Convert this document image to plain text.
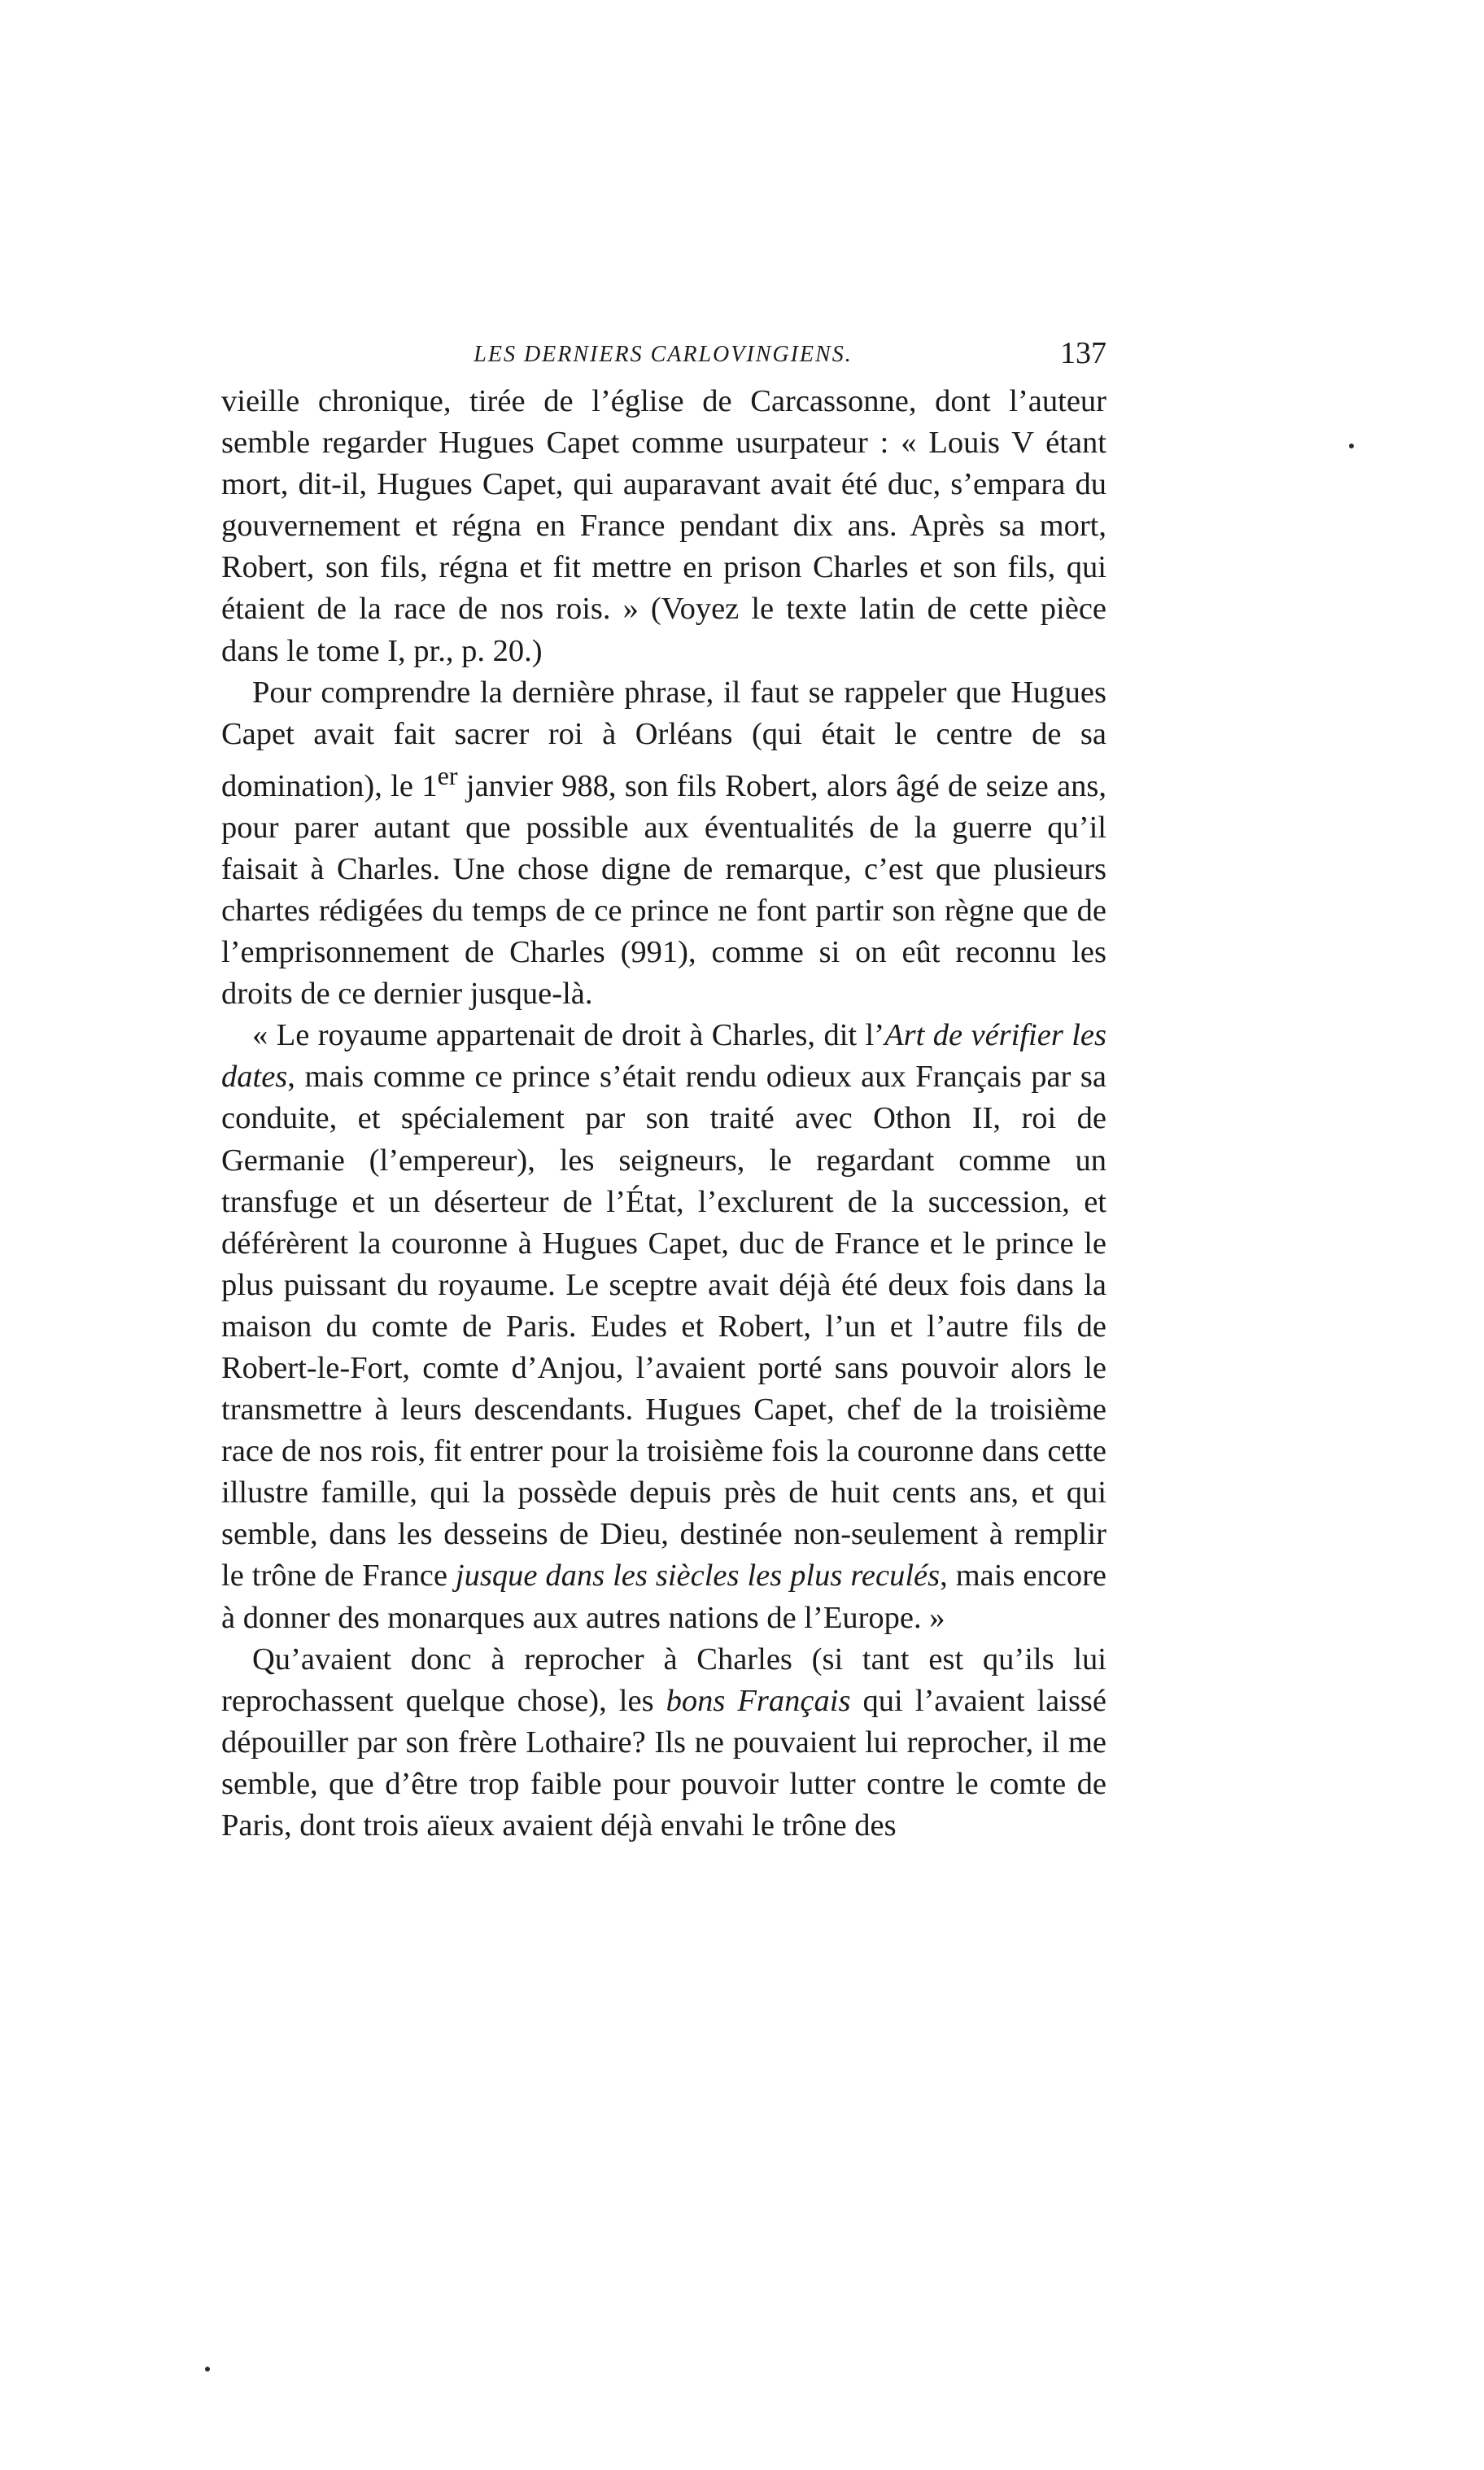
LES DERNIERS CARLOVINGIENS.	137

vieille chronique, tirée de l’église de Carcassonne, dont l’auteur semble regarder Hugues Capet comme usurpateur : « Louis V étant mort, dit-il, Hugues Capet, qui auparavant avait été duc, s’empara du gouvernement et régna en France pendant dix ans. Après sa mort, Robert, son fils, régna et fit mettre en prison Charles et son fils, qui étaient de la race de nos rois. » (Voyez le texte latin de cette pièce dans le tome I, pr., p. 20.)

Pour comprendre la dernière phrase, il faut se rappeler que Hugues Capet avait fait sacrer roi à Orléans (qui était le centre de sa domination), le 1er janvier 988, son fils Robert, alors âgé de seize ans, pour parer autant que possible aux éventualités de la guerre qu’il faisait à Charles. Une chose digne de remarque, c’est que plusieurs chartes rédigées du temps de ce prince ne font partir son règne que de l’emprisonnement de Charles (991), comme si on eût reconnu les droits de ce dernier jusque-là.

« Le royaume appartenait de droit à Charles, dit l’Art de vérifier les dates, mais comme ce prince s’était rendu odieux aux Français par sa conduite, et spécialement par son traité avec Othon II, roi de Germanie (l’empereur), les seigneurs, le regardant comme un transfuge et un déserteur de l’État, l’exclurent de la succession, et déférèrent la couronne à Hugues Capet, duc de France et le prince le plus puissant du royaume. Le sceptre avait déjà été deux fois dans la maison du comte de Paris. Eudes et Robert, l’un et l’autre fils de Robert-le-Fort, comte d’Anjou, l’avaient porté sans pouvoir alors le transmettre à leurs descendants. Hugues Capet, chef de la troisième race de nos rois, fit entrer pour la troisième fois la couronne dans cette illustre famille, qui la possède depuis près de huit cents ans, et qui semble, dans les desseins de Dieu, destinée non-seulement à remplir le trône de France jusque dans les siècles les plus reculés, mais encore à donner des monarques aux autres nations de l’Europe. »

Qu’avaient donc à reprocher à Charles (si tant est qu’ils lui reprochassent quelque chose), les bons Français qui l’avaient laissé dépouiller par son frère Lothaire? Ils ne pouvaient lui reprocher, il me semble, que d’être trop faible pour pouvoir lutter contre le comte de Paris, dont trois aïeux avaient déjà envahi le trône des
